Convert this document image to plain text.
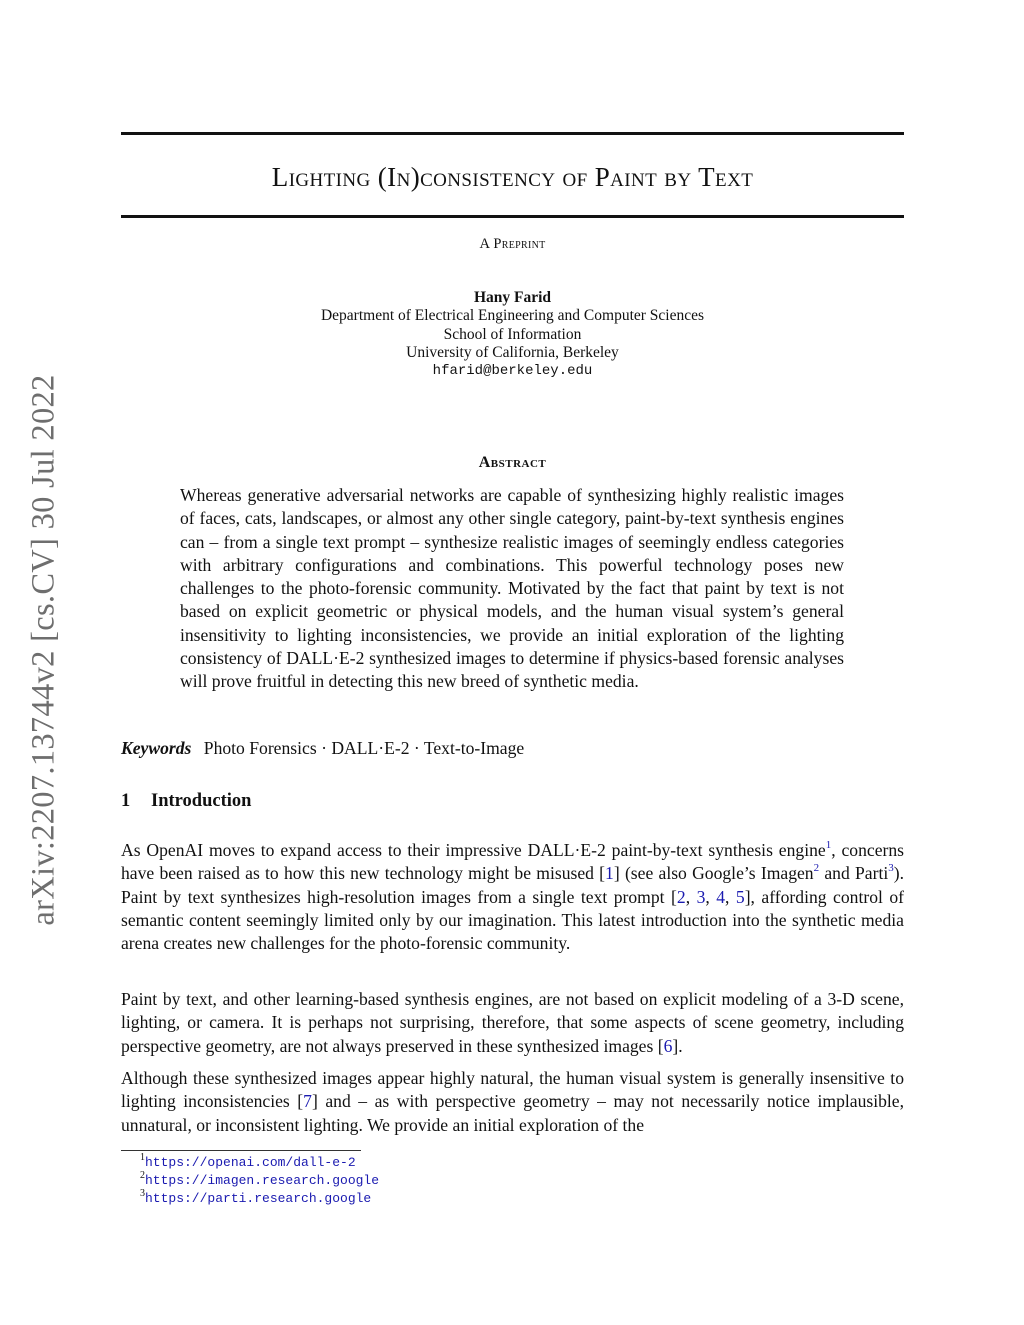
arXiv:2207.13744v2 [cs.CV] 30 Jul 2022
Lighting (In)consistency of Paint by Text
A Preprint
Hany Farid
Department of Electrical Engineering and Computer Sciences
School of Information
University of California, Berkeley
hfarid@berkeley.edu
Abstract
Whereas generative adversarial networks are capable of synthesizing highly realistic images of faces, cats, landscapes, or almost any other single category, paint-by-text synthesis engines can – from a single text prompt – synthesize realistic images of seemingly endless categories with arbitrary configurations and combinations. This powerful technology poses new challenges to the photo-forensic community. Motivated by the fact that paint by text is not based on explicit geometric or physical models, and the human visual system’s general insensitivity to lighting inconsistencies, we provide an initial exploration of the lighting consistency of DALL·E-2 synthesized images to determine if physics-based forensic analyses will prove fruitful in detecting this new breed of synthetic media.
Keywords Photo Forensics · DALL·E-2 · Text-to-Image
1 Introduction

As OpenAI moves to expand access to their impressive DALL·E-2 paint-by-text synthesis engine$^1$, concerns have been raised as to how this new technology might be misused [1] (see also Google’s Imagen$^2$ and Parti$^3$). Paint by text synthesizes high-resolution images from a single text prompt [2, 3, 4, 5], affording control of semantic content seemingly limited only by our imagination. This latest introduction into the synthetic media arena creates new challenges for the photo-forensic community.

Paint by text, and other learning-based synthesis engines, are not based on explicit modeling of a 3-D scene, lighting, or camera. It is perhaps not surprising, therefore, that some aspects of scene geometry, including perspective geometry, are not always preserved in these synthesized images [6].

Although these synthesized images appear highly natural, the human visual system is generally insensitive to lighting inconsistencies [7] and – as with perspective geometry – may not necessarily notice implausible, unnatural, or inconsistent lighting. We provide an initial exploration of the

$^1$https://openai.com/dall-e-2
$^2$https://imagen.research.google
$^3$https://parti.research.google
